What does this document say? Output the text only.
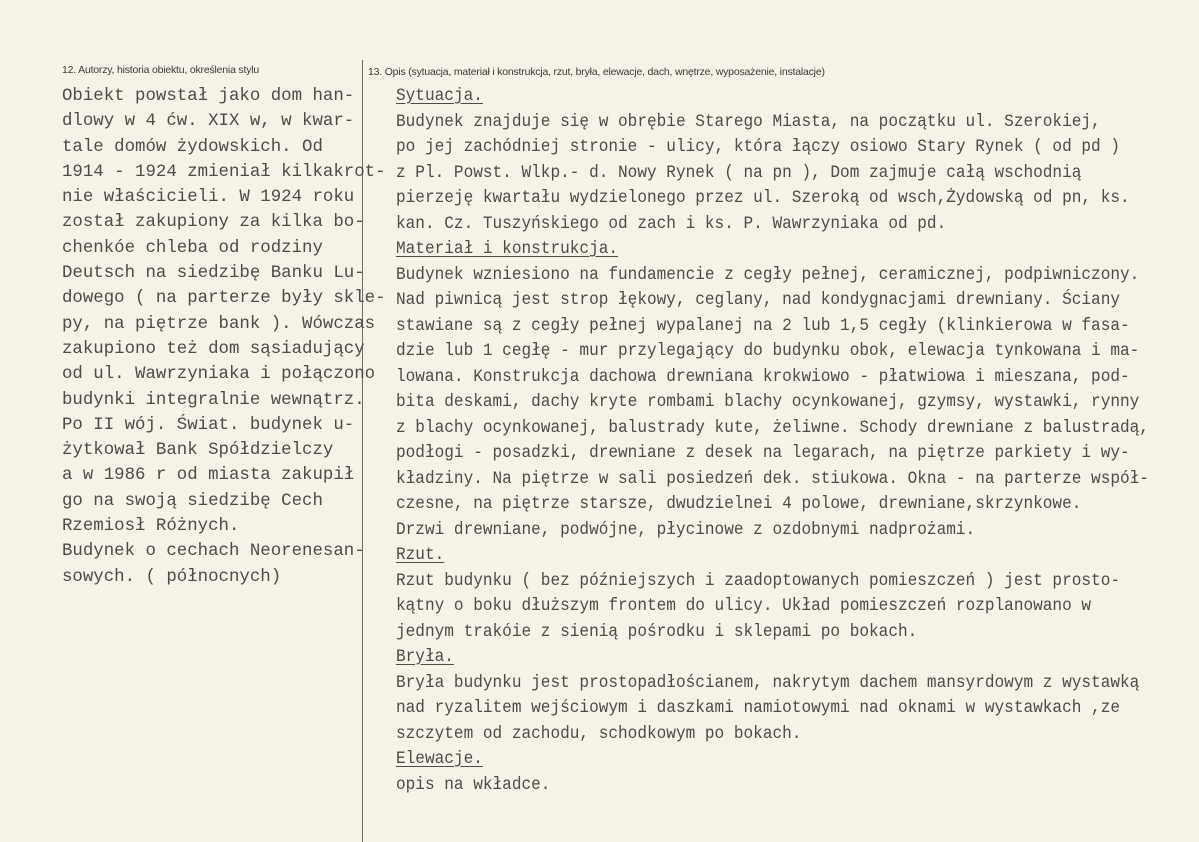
12. Autorzy, historia obiektu, określenia stylu	13. Opis (sytuacja, materiał i konstrukcja, rzut, bryła, elewacje, dach, wnętrze, wyposażenie, instalacje)
Obiekt powstał jako dom han-
dlowy w 4 ćw. XIX w, w kwar-
tale domów żydowskich. Od
1914 - 1924 zmieniał kilkakrot-
nie właścicieli. W 1924 roku
został zakupiony za kilka bo-
chenkóe chleba od rodziny
Deutsch na siedzibę Banku Lu-
dowego ( na parterze były skle-
py, na piętrze bank ). Wówczas
zakupiono też dom sąsiadujący
od ul. Wawrzyniaka i połączono
budynki integralnie wewnątrz.
Po II wój. Świat. budynek u-
żytkował Bank Spółdzielczy
a w 1986 r od miasta zakupił
go na swoją siedzibę Cech
Rzemiosł Różnych.
Budynek o cechach Neorenesan-
sowych. ( północnych)
Sytuacja.
Budynek znajduje się w obrębie Starego Miasta, na początku ul. Szerokiej,
po jej zachódniej stronie - ulicy, która łączy osiowo Stary Rynek ( od pd )
z Pl. Powst. Wlkp.- d. Nowy Rynek ( na pn ), Dom zajmuje całą wschodnią
pierzeję kwartału wydzielonego przez ul. Szeroką od wsch,Żydowską od pn, ks.
kan. Cz. Tuszyńskiego od zach i ks. P. Wawrzyniaka od pd.
Materiał i konstrukcja.
Budynek wzniesiono na fundamencie z cegły pełnej, ceramicznej, podpiwniczony.
Nad piwnicą jest strop łękowy, ceglany, nad kondygnacjami drewniany. Ściany
stawiane są z cegły pełnej wypalanej na 2 lub 1,5 cegły (klinkierowa w fasa-
dzie lub 1 cegłę - mur przylegający do budynku obok, elewacja tynkowana i ma-
lowana. Konstrukcja dachowa drewniana krokwiowo - płatwiowa i mieszana, pod-
bita deskami, dachy kryte rombami blachy ocynkowanej, gzymsy, wystawki, rynny
z blachy ocynkowanej, balustrady kute, żeliwne. Schody drewniane z balustradą,
podłogi - posadzki, drewniane z desek na legarach, na piętrze parkiety i wy-
kładziny. Na piętrze w sali posiedzeń dek. stiukowa. Okna - na parterze współ-
czesne, na piętrze starsze, dwudzielnei 4 polowe, drewniane,skrzynkowe.
Drzwi drewniane, podwójne, płycinowe z ozdobnymi nadprożami.
Rzut.
Rzut budynku ( bez późniejszych i zaadoptowanych pomieszczeń ) jest prosto-
kątny o boku dłuższym frontem do ulicy. Układ pomieszczeń rozplanowano w
jednym trakóie z sienią pośrodku i sklepami po bokach.
Bryła.
Bryła budynku jest prostopadłościanem, nakrytym dachem mansyrdowym z wystawką
nad ryzalitem wejściowym i daszkami namiotowymi nad oknami w wystawkach ,ze
szczytem od zachodu, schodkowym po bokach.
Elewacje.
opis na wkładce.
